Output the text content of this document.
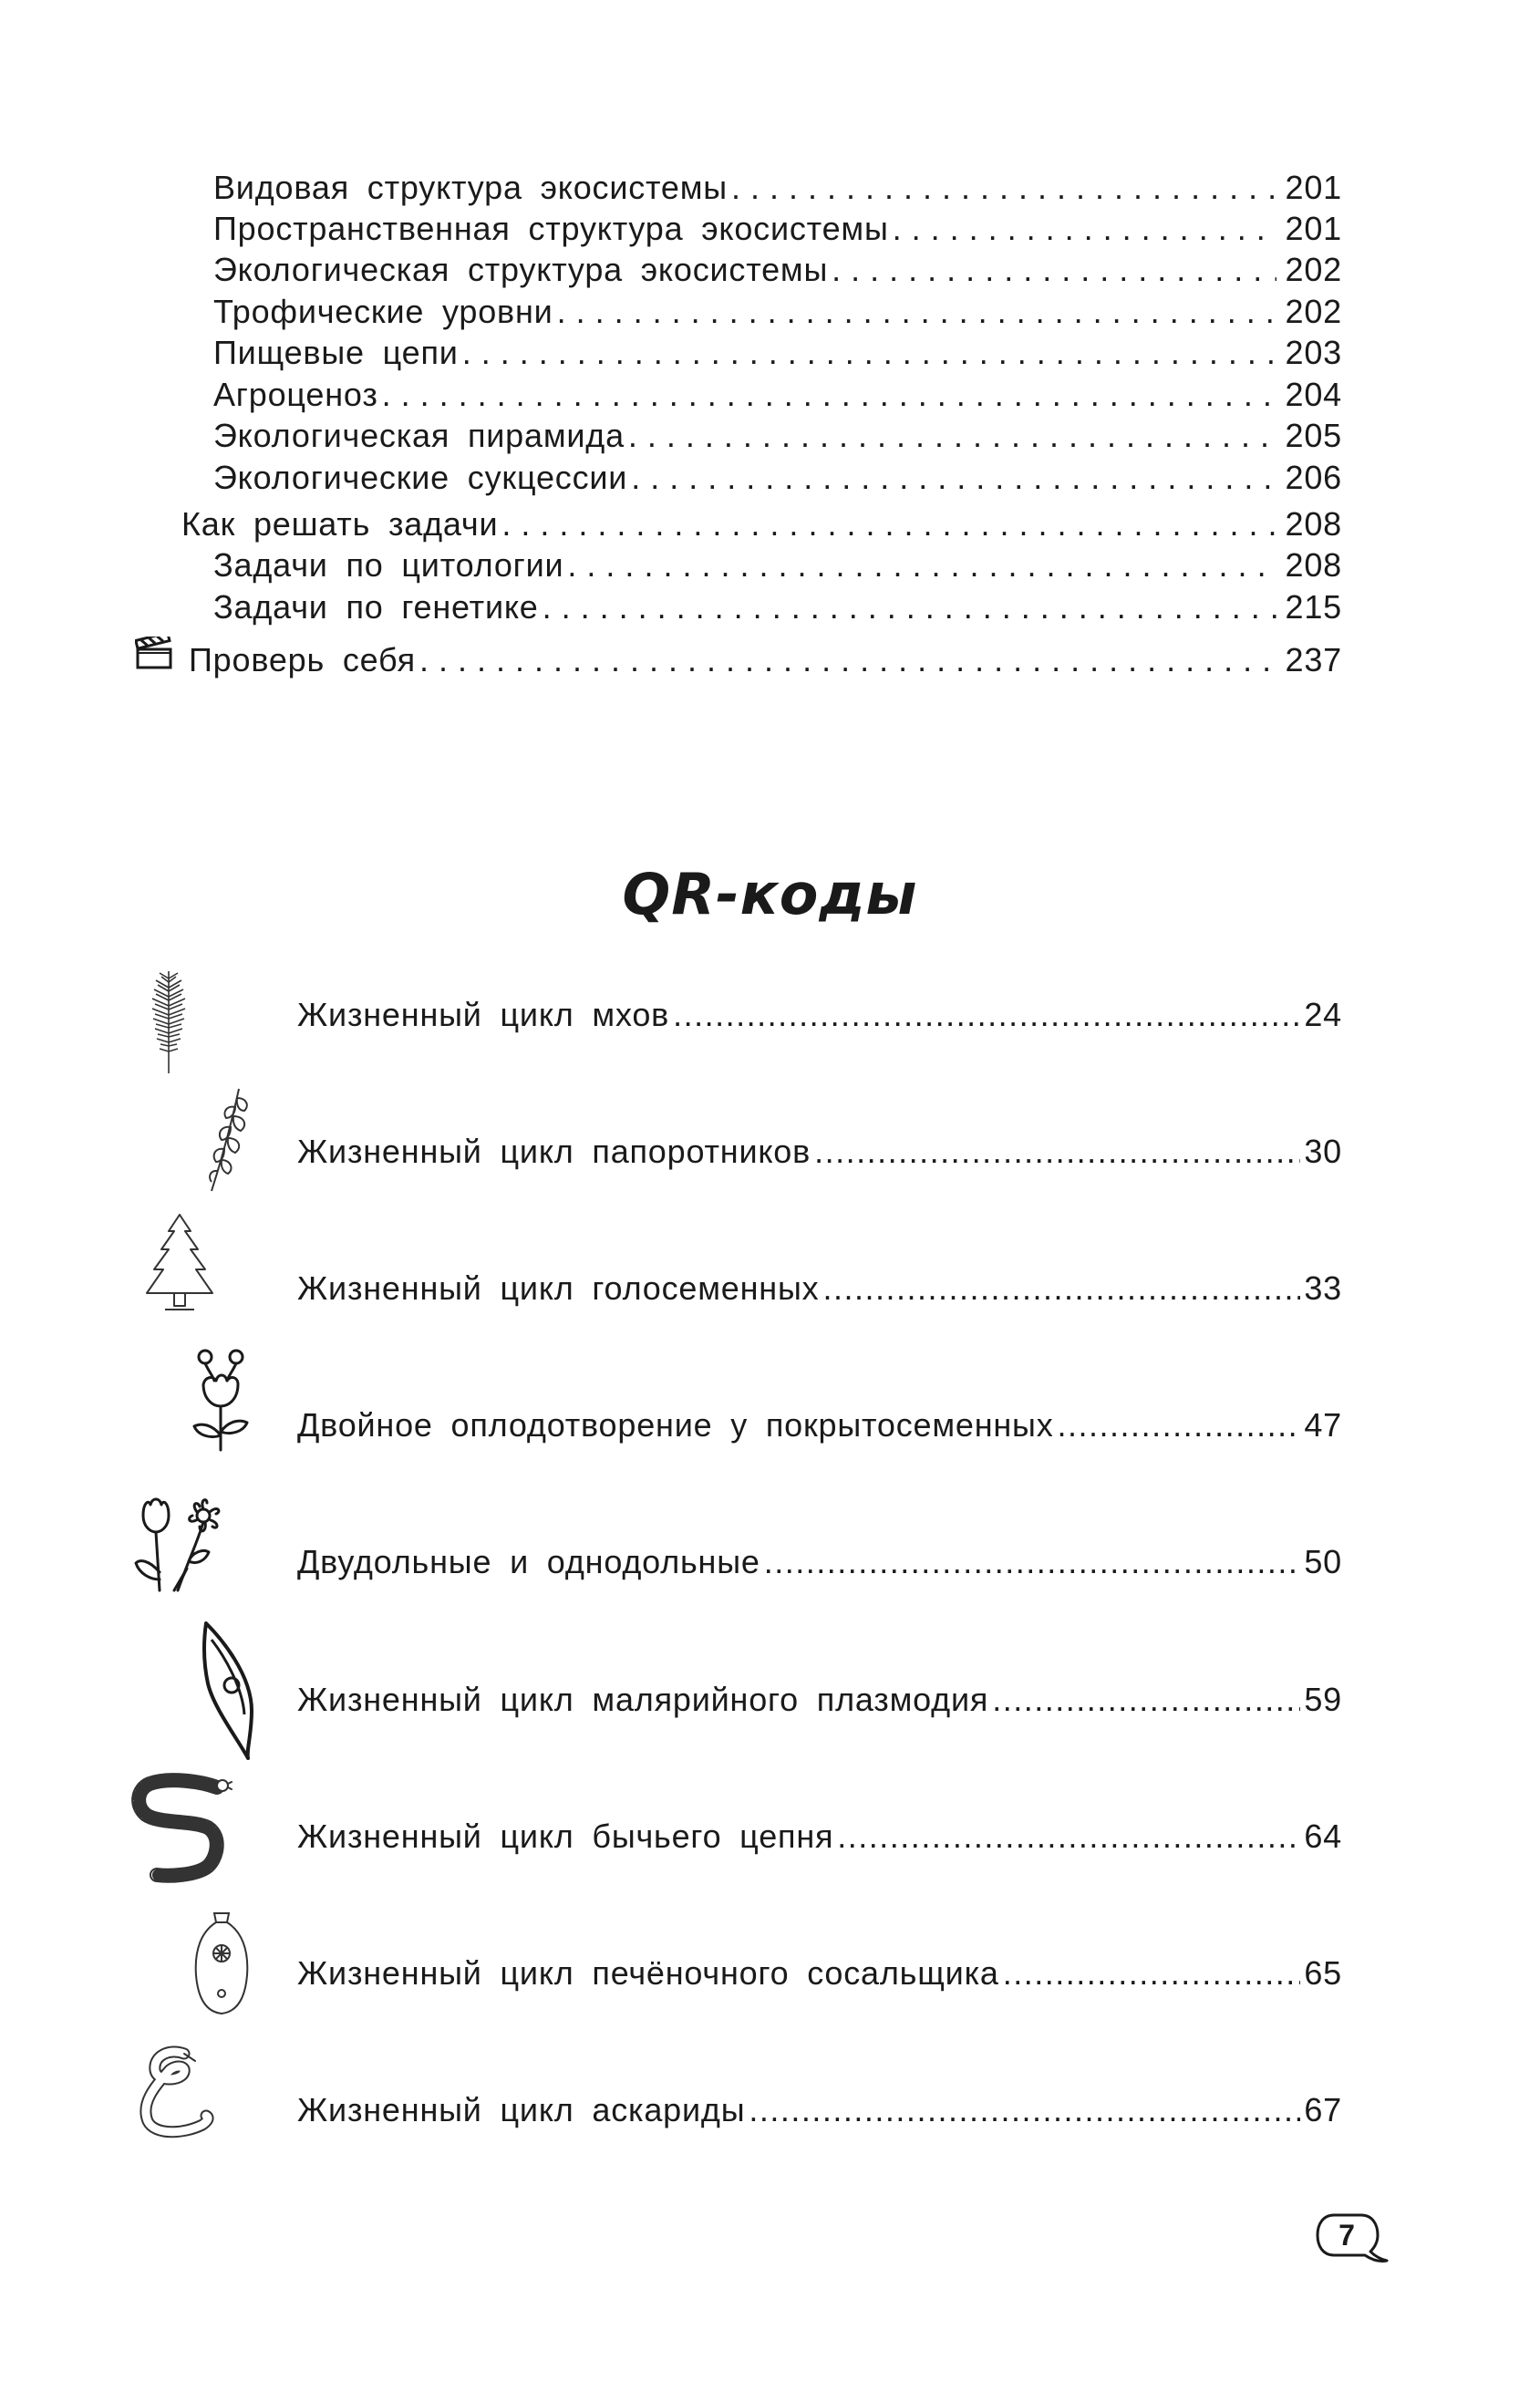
Видовая структура экосистемы . . .	201
Пространственная структура экосистемы . . .	201
Экологическая структура экосистемы . . .	202
Трофические уровни . . .	202
Пищевые цепи . . .	203
Агроценоз . . .	204
Экологическая пирамида . . .	205
Экологические сукцессии . . .	206
Как решать задачи . . .	208
Задачи по цитологии . . .	208
Задачи по генетике . . .	215
Проверь себя . . .	237
QR-коды
Жизненный цикл мхов .....	24
Жизненный цикл папоротников .....	30
Жизненный цикл голосеменных .....	33
Двойное оплодотворение у покрытосеменных .....	47
Двудольные и однодольные .....	50
Жизненный цикл малярийного плазмодия .....	59
Жизненный цикл бычьего цепня .....	64
Жизненный цикл печёночного сосальщика .....	65
Жизненный цикл аскариды .....	67
7
